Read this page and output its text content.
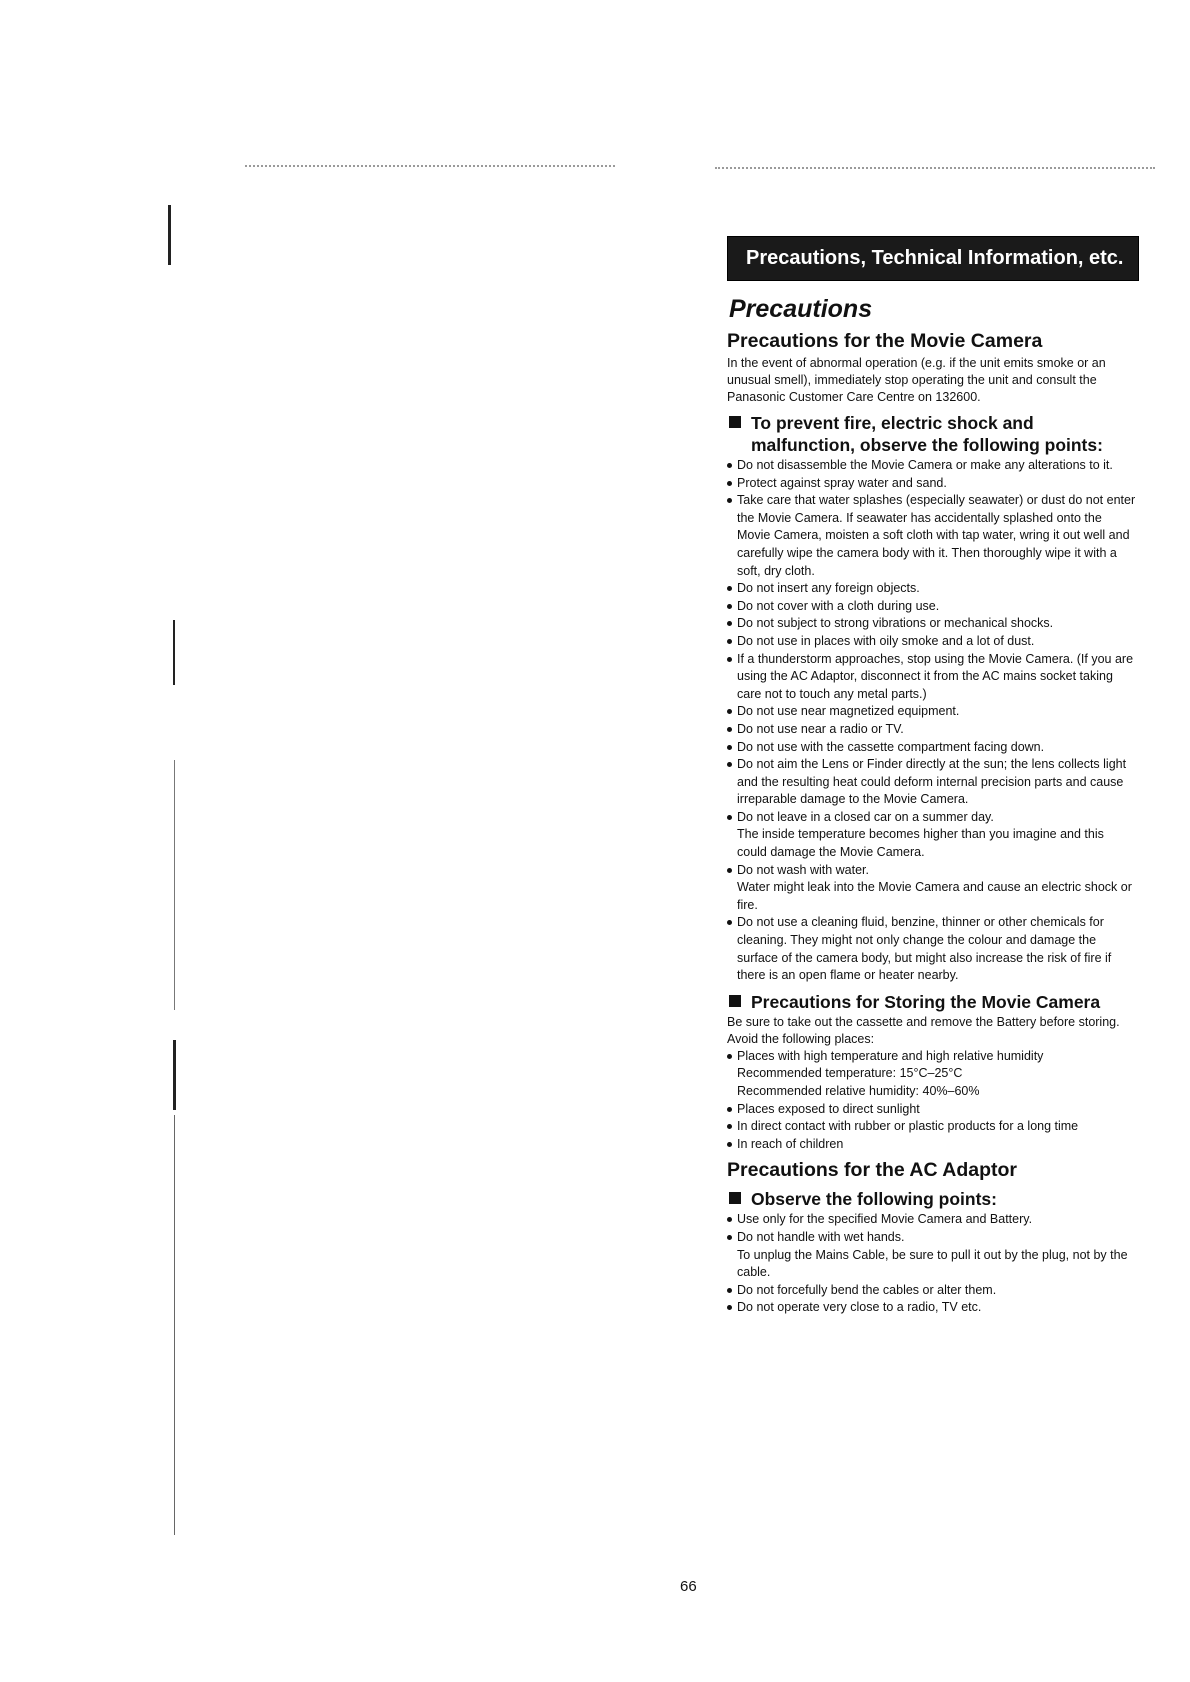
Precautions, Technical Information, etc.
Precautions
Precautions for the Movie Camera

In the event of abnormal operation (e.g. if the unit emits smoke or an unusual smell), immediately stop operating the unit and consult the Panasonic Customer Care Centre on 132600.

To prevent fire, electric shock and
malfunction, observe the following points:
Do not disassemble the Movie Camera or make any alterations to it.
Protect against spray water and sand.
Take care that water splashes (especially seawater) or dust do not enter the Movie Camera. If seawater has accidentally splashed onto the Movie Camera, moisten a soft cloth with tap water, wring it out well and carefully wipe the camera body with it. Then thoroughly wipe it with a soft, dry cloth.
Do not insert any foreign objects.
Do not cover with a cloth during use.
Do not subject to strong vibrations or mechanical shocks.
Do not use in places with oily smoke and a lot of dust.
If a thunderstorm approaches, stop using the Movie Camera. (If you are using the AC Adaptor, disconnect it from the AC mains socket taking care not to touch any metal parts.)
Do not use near magnetized equipment.
Do not use near a radio or TV.
Do not use with the cassette compartment facing down.
Do not aim the Lens or Finder directly at the sun; the lens collects light and the resulting heat could deform internal precision parts and cause irreparable damage to the Movie Camera.
Do not leave in a closed car on a summer day.
The inside temperature becomes higher than you imagine and this could damage the Movie Camera.
Do not wash with water.
Water might leak into the Movie Camera and cause an electric shock or fire.
Do not use a cleaning fluid, benzine, thinner or other chemicals for cleaning. They might not only change the colour and damage the surface of the camera body, but might also increase the risk of fire if there is an open flame or heater nearby.
Precautions for Storing the Movie Camera

Be sure to take out the cassette and remove the Battery before storing.

Avoid the following places:

Places with high temperature and high relative humidity
Recommended temperature: 15°C–25°C
Recommended relative humidity: 40%–60%
Places exposed to direct sunlight
In direct contact with rubber or plastic products for a long time
In reach of children
Precautions for the AC Adaptor
Observe the following points:
Use only for the specified Movie Camera and Battery.
Do not handle with wet hands.
To unplug the Mains Cable, be sure to pull it out by the plug, not by the cable.
Do not forcefully bend the cables or alter them.
Do not operate very close to a radio, TV etc.
66
